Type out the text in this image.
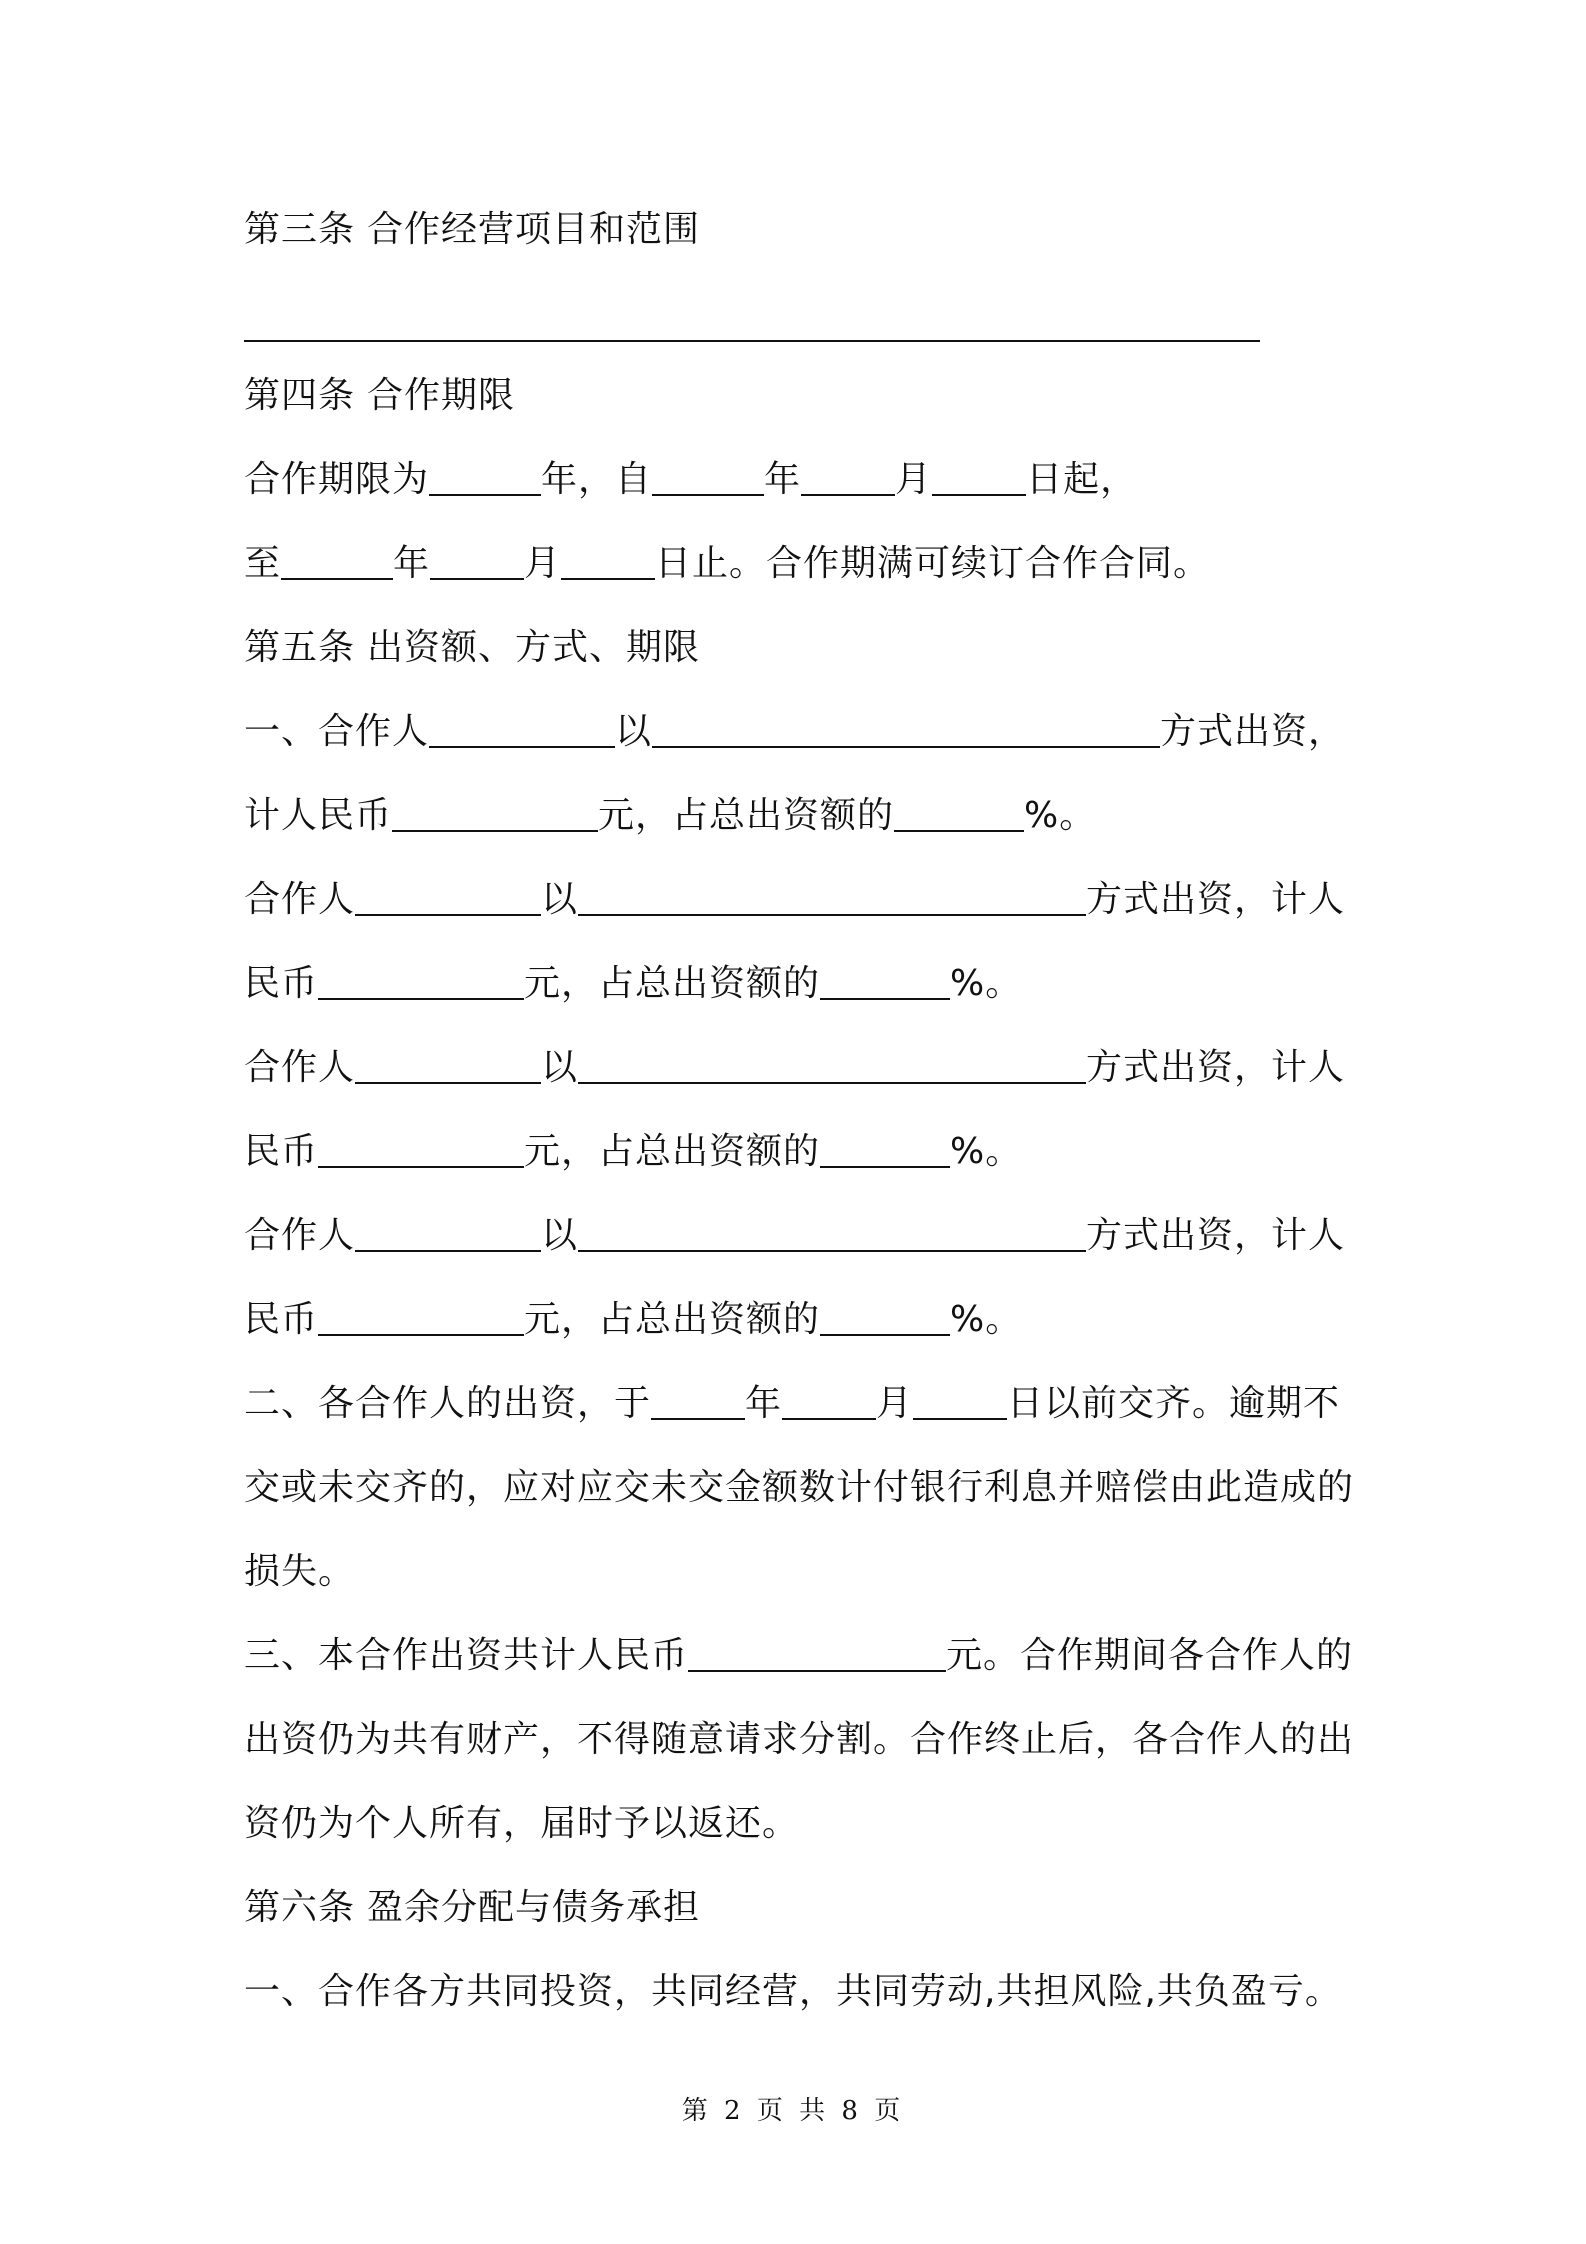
第三条 合作经营项目和范围
第四条 合作期限
合作期限为	年，自	年	月	日起，
至	年	月	日止。合作期满可续订合作合同。
第五条 出资额、方式、期限
一、合作人	以	方式出资，
计人民币	元，占总出资额的	%。
合作人	以	方式出资，计人
民币	元，占总出资额的	%。
合作人	以	方式出资，计人
民币	元，占总出资额的	%。
合作人	以	方式出资，计人
民币	元，占总出资额的	%。
二、各合作人的出资，于	年	月	日以前交齐。逾期不
交或未交齐的，应对应交未交金额数计付银行利息并赔偿由此造成的
损失。
三、本合作出资共计人民币	元。合作期间各合作人的
出资仍为共有财产，不得随意请求分割。合作终止后，各合作人的出
资仍为个人所有，届时予以返还。
第六条 盈余分配与债务承担
一、合作各方共同投资，共同经营，共同劳动,共担风险,共负盈亏。
第 2 页 共 8 页
